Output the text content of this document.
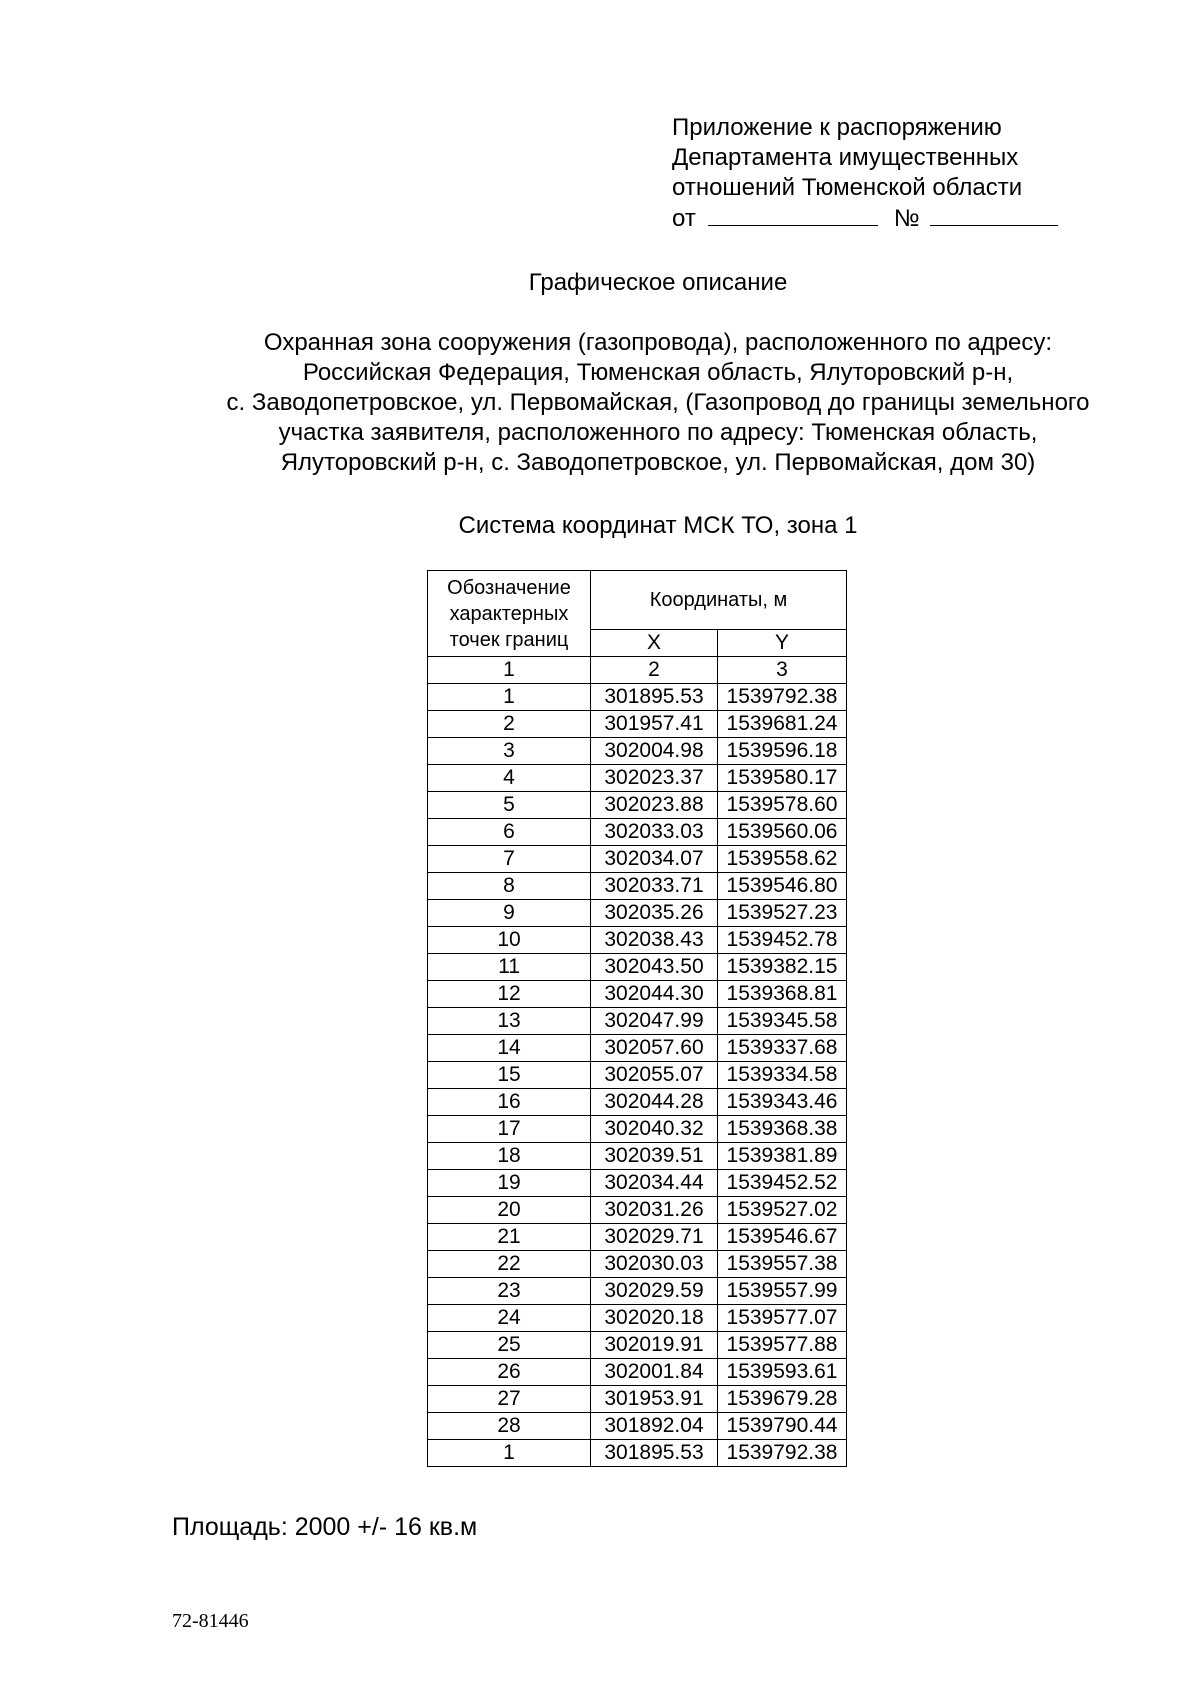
Приложение к распоряжению
Департамента имущественных
отношений Тюменской области
от	№
Графическое описание
Охранная зона сооружения (газопровода), расположенного по адресу:
Российская Федерация, Тюменская область, Ялуторовский р-н,
с. Заводопетровское, ул. Первомайская, (Газопровод до границы земельного
участка заявителя, расположенного по адресу: Тюменская область,
Ялуторовский р-н, с. Заводопетровское, ул. Первомайская, дом 30)
Система координат МСК ТО, зона 1
Обозначение характерных точек границ	Координаты, м	
	X	Y
1	2	3
1	301895.53	1539792.38
2	301957.41	1539681.24
3	302004.98	1539596.18
4	302023.37	1539580.17
5	302023.88	1539578.60
6	302033.03	1539560.06
7	302034.07	1539558.62
8	302033.71	1539546.80
9	302035.26	1539527.23
10	302038.43	1539452.78
11	302043.50	1539382.15
12	302044.30	1539368.81
13	302047.99	1539345.58
14	302057.60	1539337.68
15	302055.07	1539334.58
16	302044.28	1539343.46
17	302040.32	1539368.38
18	302039.51	1539381.89
19	302034.44	1539452.52
20	302031.26	1539527.02
21	302029.71	1539546.67
22	302030.03	1539557.38
23	302029.59	1539557.99
24	302020.18	1539577.07
25	302019.91	1539577.88
26	302001.84	1539593.61
27	301953.91	1539679.28
28	301892.04	1539790.44
1	301895.53	1539792.38
Площадь: 2000 +/- 16 кв.м
72-81446
